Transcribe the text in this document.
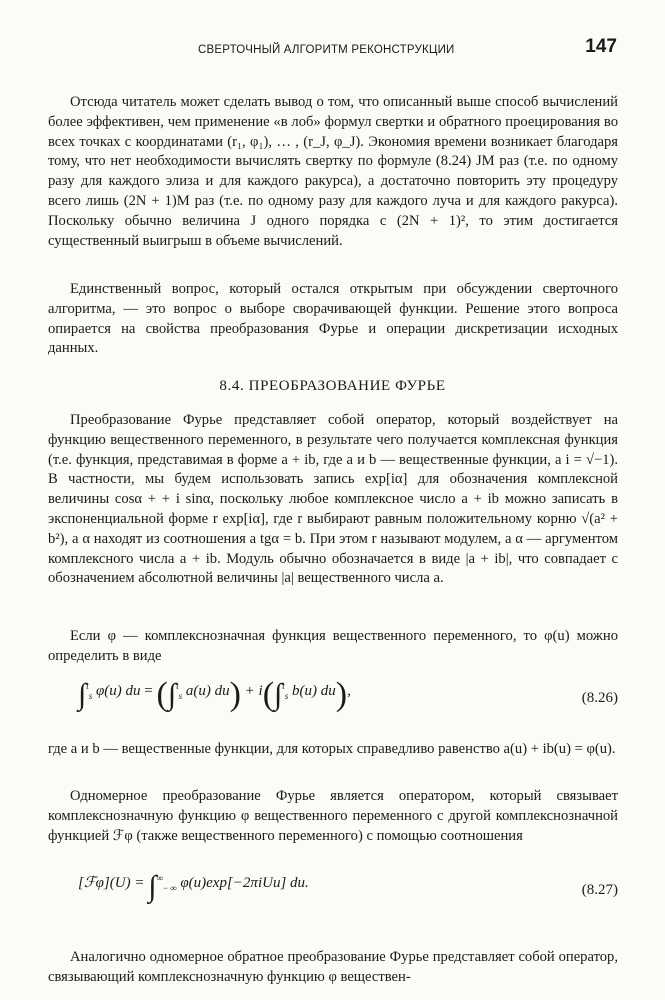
СВЕРТОЧНЫЙ АЛГОРИТМ РЕКОНСТРУКЦИИ	147

Отсюда читатель может сделать вывод о том, что описанный выше способ вычислений более эффективен, чем применение «в лоб» формул свертки и обратного проецирования во всех точках с координатами (r₁, φ₁), … , (r_J, φ_J). Экономия времени возникает благодаря тому, что нет необходимости вычислять свертку по формуле (8.24) JM раз (т.е. по одному разу для каждого элиза и для каждого ракурса), а достаточно повторить эту процедуру всего лишь (2N + 1)M раз (т.е. по одному разу для каждого луча и для каждого ракурса). Поскольку обычно величина J одного порядка с (2N + 1)², то этим достигается существенный выигрыш в объеме вычислений.

Единственный вопрос, который остался открытым при обсуждении сверточного алгоритма, — это вопрос о выборе сворачивающей функции. Решение этого вопроса опирается на свойства преобразования Фурье и операции дискретизации исходных данных.

8.4. ПРЕОБРАЗОВАНИЕ ФУРЬЕ

Преобразование Фурье представляет собой оператор, который воздействует на функцию вещественного переменного, в результате чего получается комплексная функция (т.е. функция, представимая в форме a + ib, где a и b — вещественные функции, а i = √−1). В частности, мы будем использовать запись exp[iα] для обозначения комплексной величины cosα + + i sinα, поскольку любое комплексное число a + ib можно записать в экспоненциальной форме r exp[iα], где r выбирают равным положительному корню √(a² + b²), а α находят из соотношения a tgα = b. При этом r называют модулем, а α — аргументом комплексного числа a + ib. Модуль обычно обозначается в виде |a + ib|, что совпадает с обозначением абсолютной величины |a| вещественного числа a.

Если φ — комплекснозначная функция вещественного переменного, то φ(u) можно определить в виде

∫$^t_s$ φ(u) du = (∫$^t_s$ a(u) du) + i(∫$^t_s$ b(u) du),	(8.26)

где a и b — вещественные функции, для которых справедливо равенство a(u) + ib(u) = φ(u).

Одномерное преобразование Фурье является оператором, который связывает комплекснозначную функцию φ вещественного переменного с другой комплекснозначной функцией ℱφ (также вещественного переменного) с помощью соотношения

[ℱφ](U) = $\int^\infty_{- \infty}$ φ(u)exp[−2πiUu] du.	(8.27)

Аналогично одномерное обратное преобразование Фурье представляет собой оператор, связывающий комплекснозначную функцию φ веществен-
